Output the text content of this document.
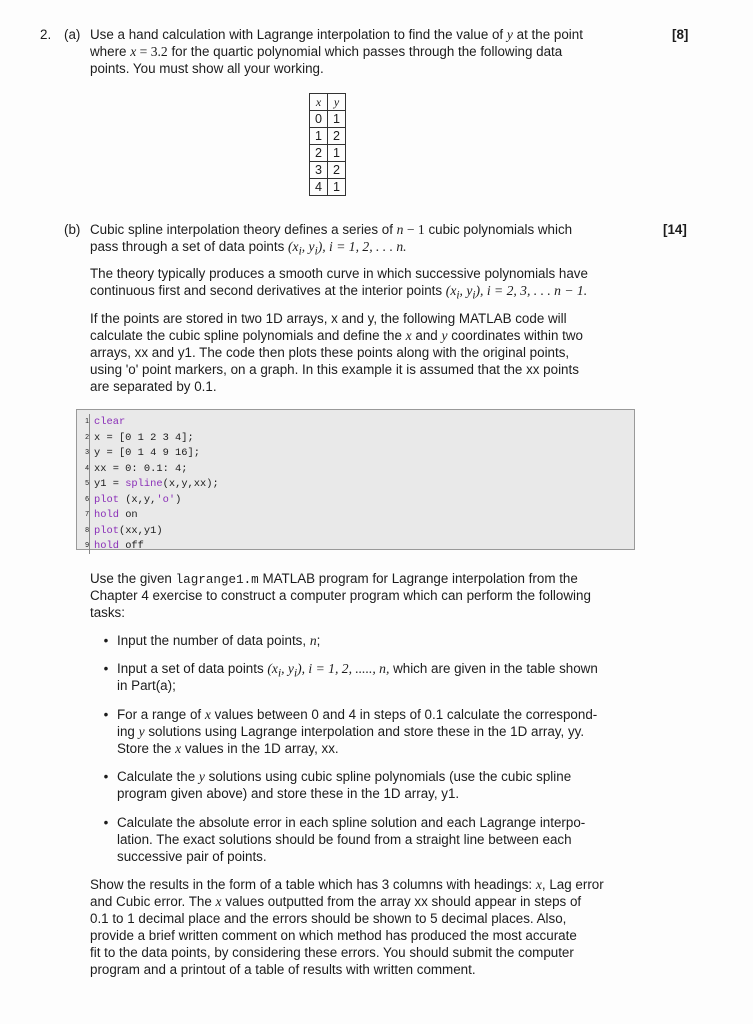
2. (a)	[8]
Use a hand calculation with Lagrange interpolation to find the value of y at the point
where x = 3.2 for the quartic polynomial which passes through the following data
points. You must show all your working.
x	y
0	1
1	2
2	1
3	2
4	1
(b)	[14]
Cubic spline interpolation theory defines a series of n − 1 cubic polynomials which
pass through a set of data points ($x_i$, $y_i$), i = 1, 2, . . . n.
The theory typically produces a smooth curve in which successive polynomials have
continuous first and second derivatives at the interior points ($x_i$, $y_i$), i = 2, 3, . . . n − 1.
If the points are stored in two 1D arrays, x and y, the following MATLAB code will
calculate the cubic spline polynomials and define the x and y coordinates within two
arrays, xx and y1. The code then plots these points along with the original points,
using 'o' point markers, on a graph. In this example it is assumed that the xx points
are separated by 0.1.
1 clear
2 x = [0 1 2 3 4];
3 y = [0 1 4 9 16];
4 xx = 0: 0.1: 4;
5 y1 = spline(x,y,xx);
6 plot (x,y,'o')
7 hold on
8 plot(xx,y1)
9 hold off
Use the given lagrange1.m MATLAB program for Lagrange interpolation from the
Chapter 4 exercise to construct a computer program which can perform the following
tasks:
• Input the number of data points, n;
• Input a set of data points ($x_i$, $y_i$), i = 1, 2, ....., n, which are given in the table shown
in Part(a);
• For a range of x values between 0 and 4 in steps of 0.1 calculate the correspond-
ing y solutions using Lagrange interpolation and store these in the 1D array, yy.
Store the x values in the 1D array, xx.
• Calculate the y solutions using cubic spline polynomials (use the cubic spline
program given above) and store these in the 1D array, y1.
• Calculate the absolute error in each spline solution and each Lagrange interpo-
lation. The exact solutions should be found from a straight line between each
successive pair of points.
Show the results in the form of a table which has 3 columns with headings: x, Lag error
and Cubic error. The x values outputted from the array xx should appear in steps of
0.1 to 1 decimal place and the errors should be shown to 5 decimal places. Also,
provide a brief written comment on which method has produced the most accurate
fit to the data points, by considering these errors. You should submit the computer
program and a printout of a table of results with written comment.
